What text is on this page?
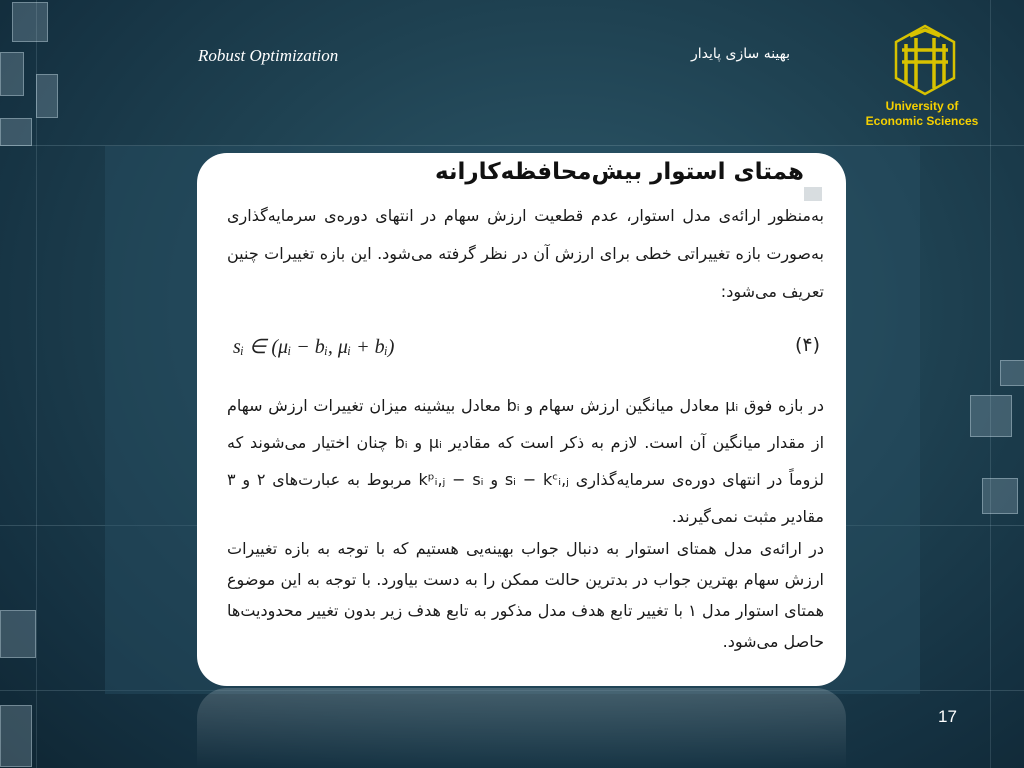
Robust Optimization	بهینه سازی پایدار
University of
Economic Sciences
همتای استوار بیش‌محافظه‌کارانه
به‌منظور ارائه‌ی مدل استوار، عدم قطعیت ارزش سهام در انتهای دوره‌ی سرمایه‌گذاری به‌صورت بازه تغییراتی خطی برای ارزش آن در نظر گرفته می‌شود. این بازه تغییرات چنین تعریف می‌شود:
sᵢ ∈ (μᵢ − bᵢ, μᵢ + bᵢ)	(۴)
در بازه فوق μᵢ معادل میانگین ارزش سهام و bᵢ معادل بیشینه میزان تغییرات ارزش سهام از مقدار میانگین آن است. لازم به ذکر است که مقادیر μᵢ و bᵢ چنان اختیار می‌شوند که لزوماً در انتهای دوره‌ی سرمایه‌گذاری sᵢ − kᶜᵢ,ⱼ و kᵖᵢ,ⱼ − sᵢ مربوط به عبارت‌های ۲ و ۳ مقادیر مثبت نمی‌گیرند.
در ارائه‌ی مدل همتای استوار به دنبال جواب بهینه‌یی هستیم که با توجه به بازه تغییرات ارزش سهام بهترین جواب در بدترین حالت ممکن را به دست بیاورد. با توجه به این موضوع همتای استوار مدل ۱ با تغییر تابع هدف مدل مذکور به تابع هدف زیر بدون تغییر محدودیت‌ها حاصل می‌شود.
17
